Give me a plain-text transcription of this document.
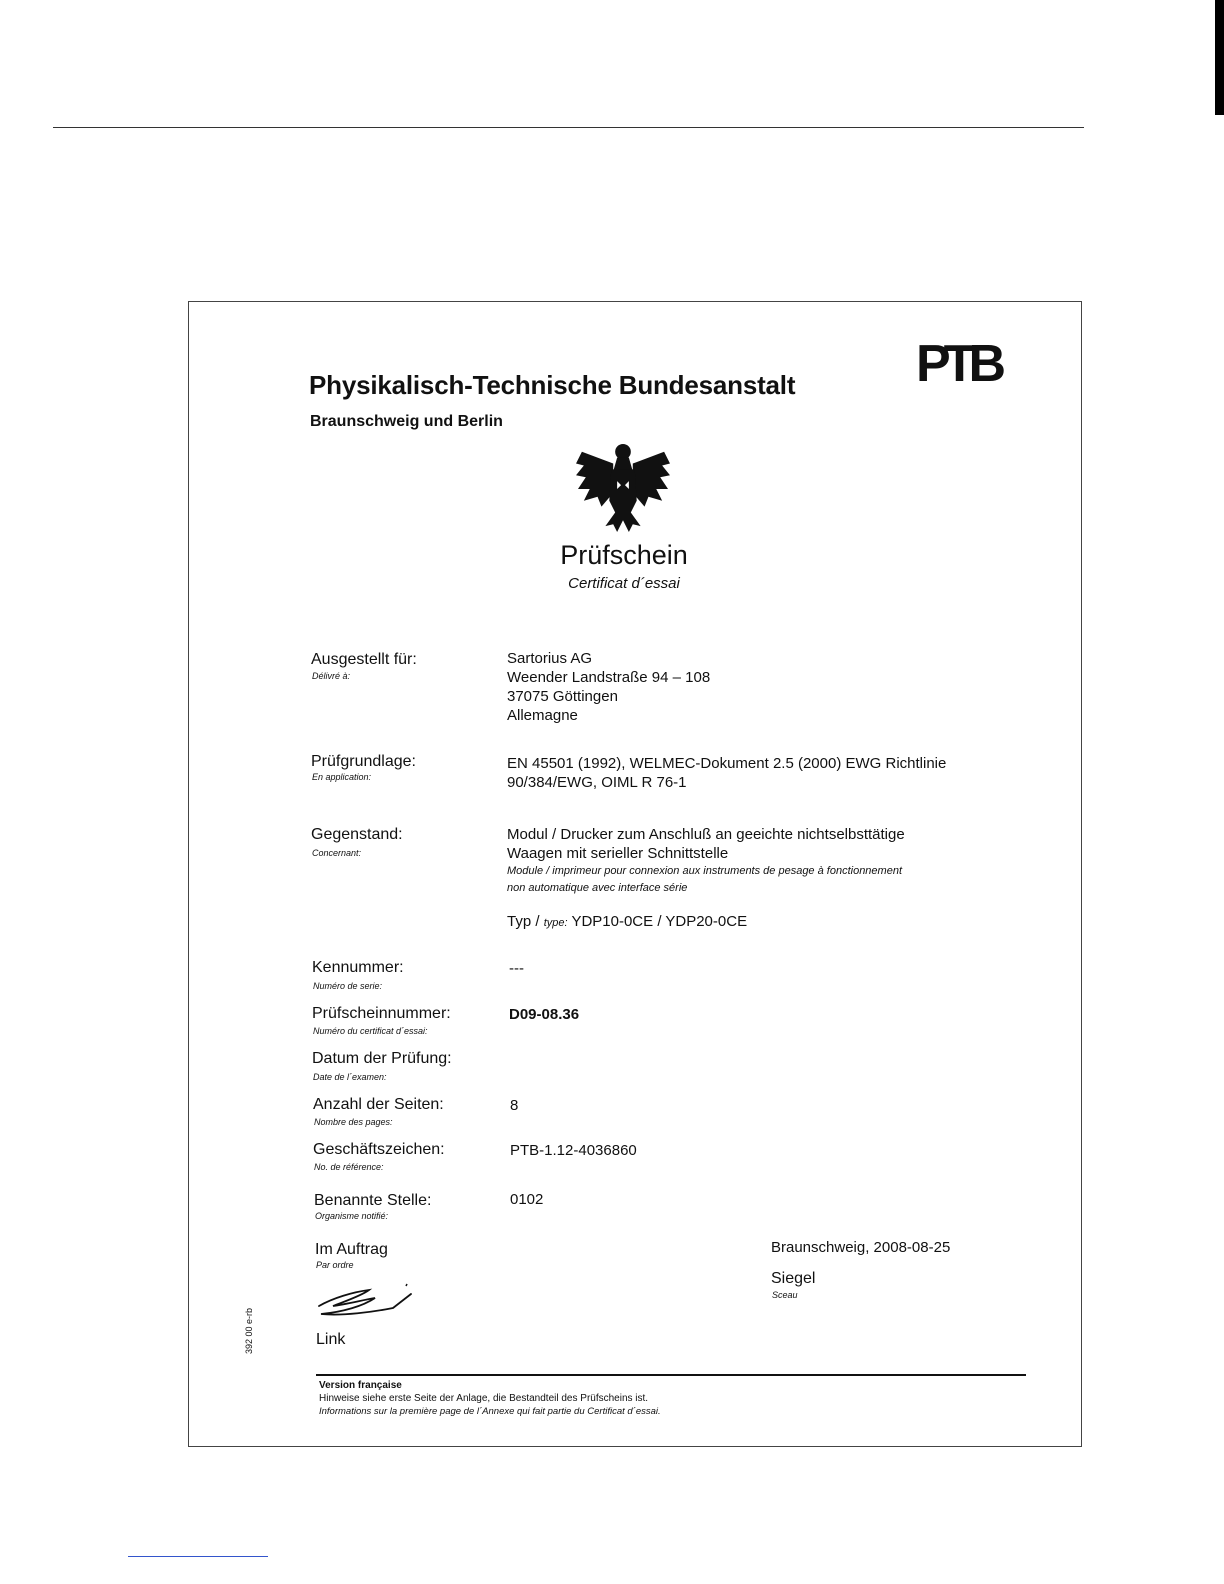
Physikalisch-Technische Bundesanstalt
Braunschweig und Berlin
PTB
Prüfschein
Certificat d´essai
Ausgestellt für:
Délivré à:
Sartorius AG
Weender Landstraße 94 – 108
37075 Göttingen
Allemagne
Prüfgrundlage:
En application:
EN 45501 (1992), WELMEC-Dokument 2.5 (2000) EWG Richtlinie
90/384/EWG, OIML R 76-1
Gegenstand:
Concernant:
Modul / Drucker zum Anschluß an geeichte nichtselbsttätige
Waagen mit serieller Schnittstelle
Module / imprimeur pour connexion aux instruments de pesage à fonctionnement
non automatique avec interface série
Typ / type: YDP10-0CE / YDP20-0CE
Kennummer:
Numéro de serie:
---
Prüfscheinnummer:
Numéro du certificat d´essai:
D09-08.36
Datum der Prüfung:
Date de l´examen:
Anzahl der Seiten:
Nombre des pages:
8
Geschäftszeichen:
No. de référence:
PTB-1.12-4036860
Benannte Stelle:
Organisme notifié:
0102
Im Auftrag
Par ordre
Braunschweig, 2008-08-25
Siegel
Sceau
Link
392 00 e-rb
Version française
Hinweise siehe erste Seite der Anlage, die Bestandteil des Prüfscheins ist.
Informations sur la première page de l´Annexe qui fait partie du Certificat d´essai.
